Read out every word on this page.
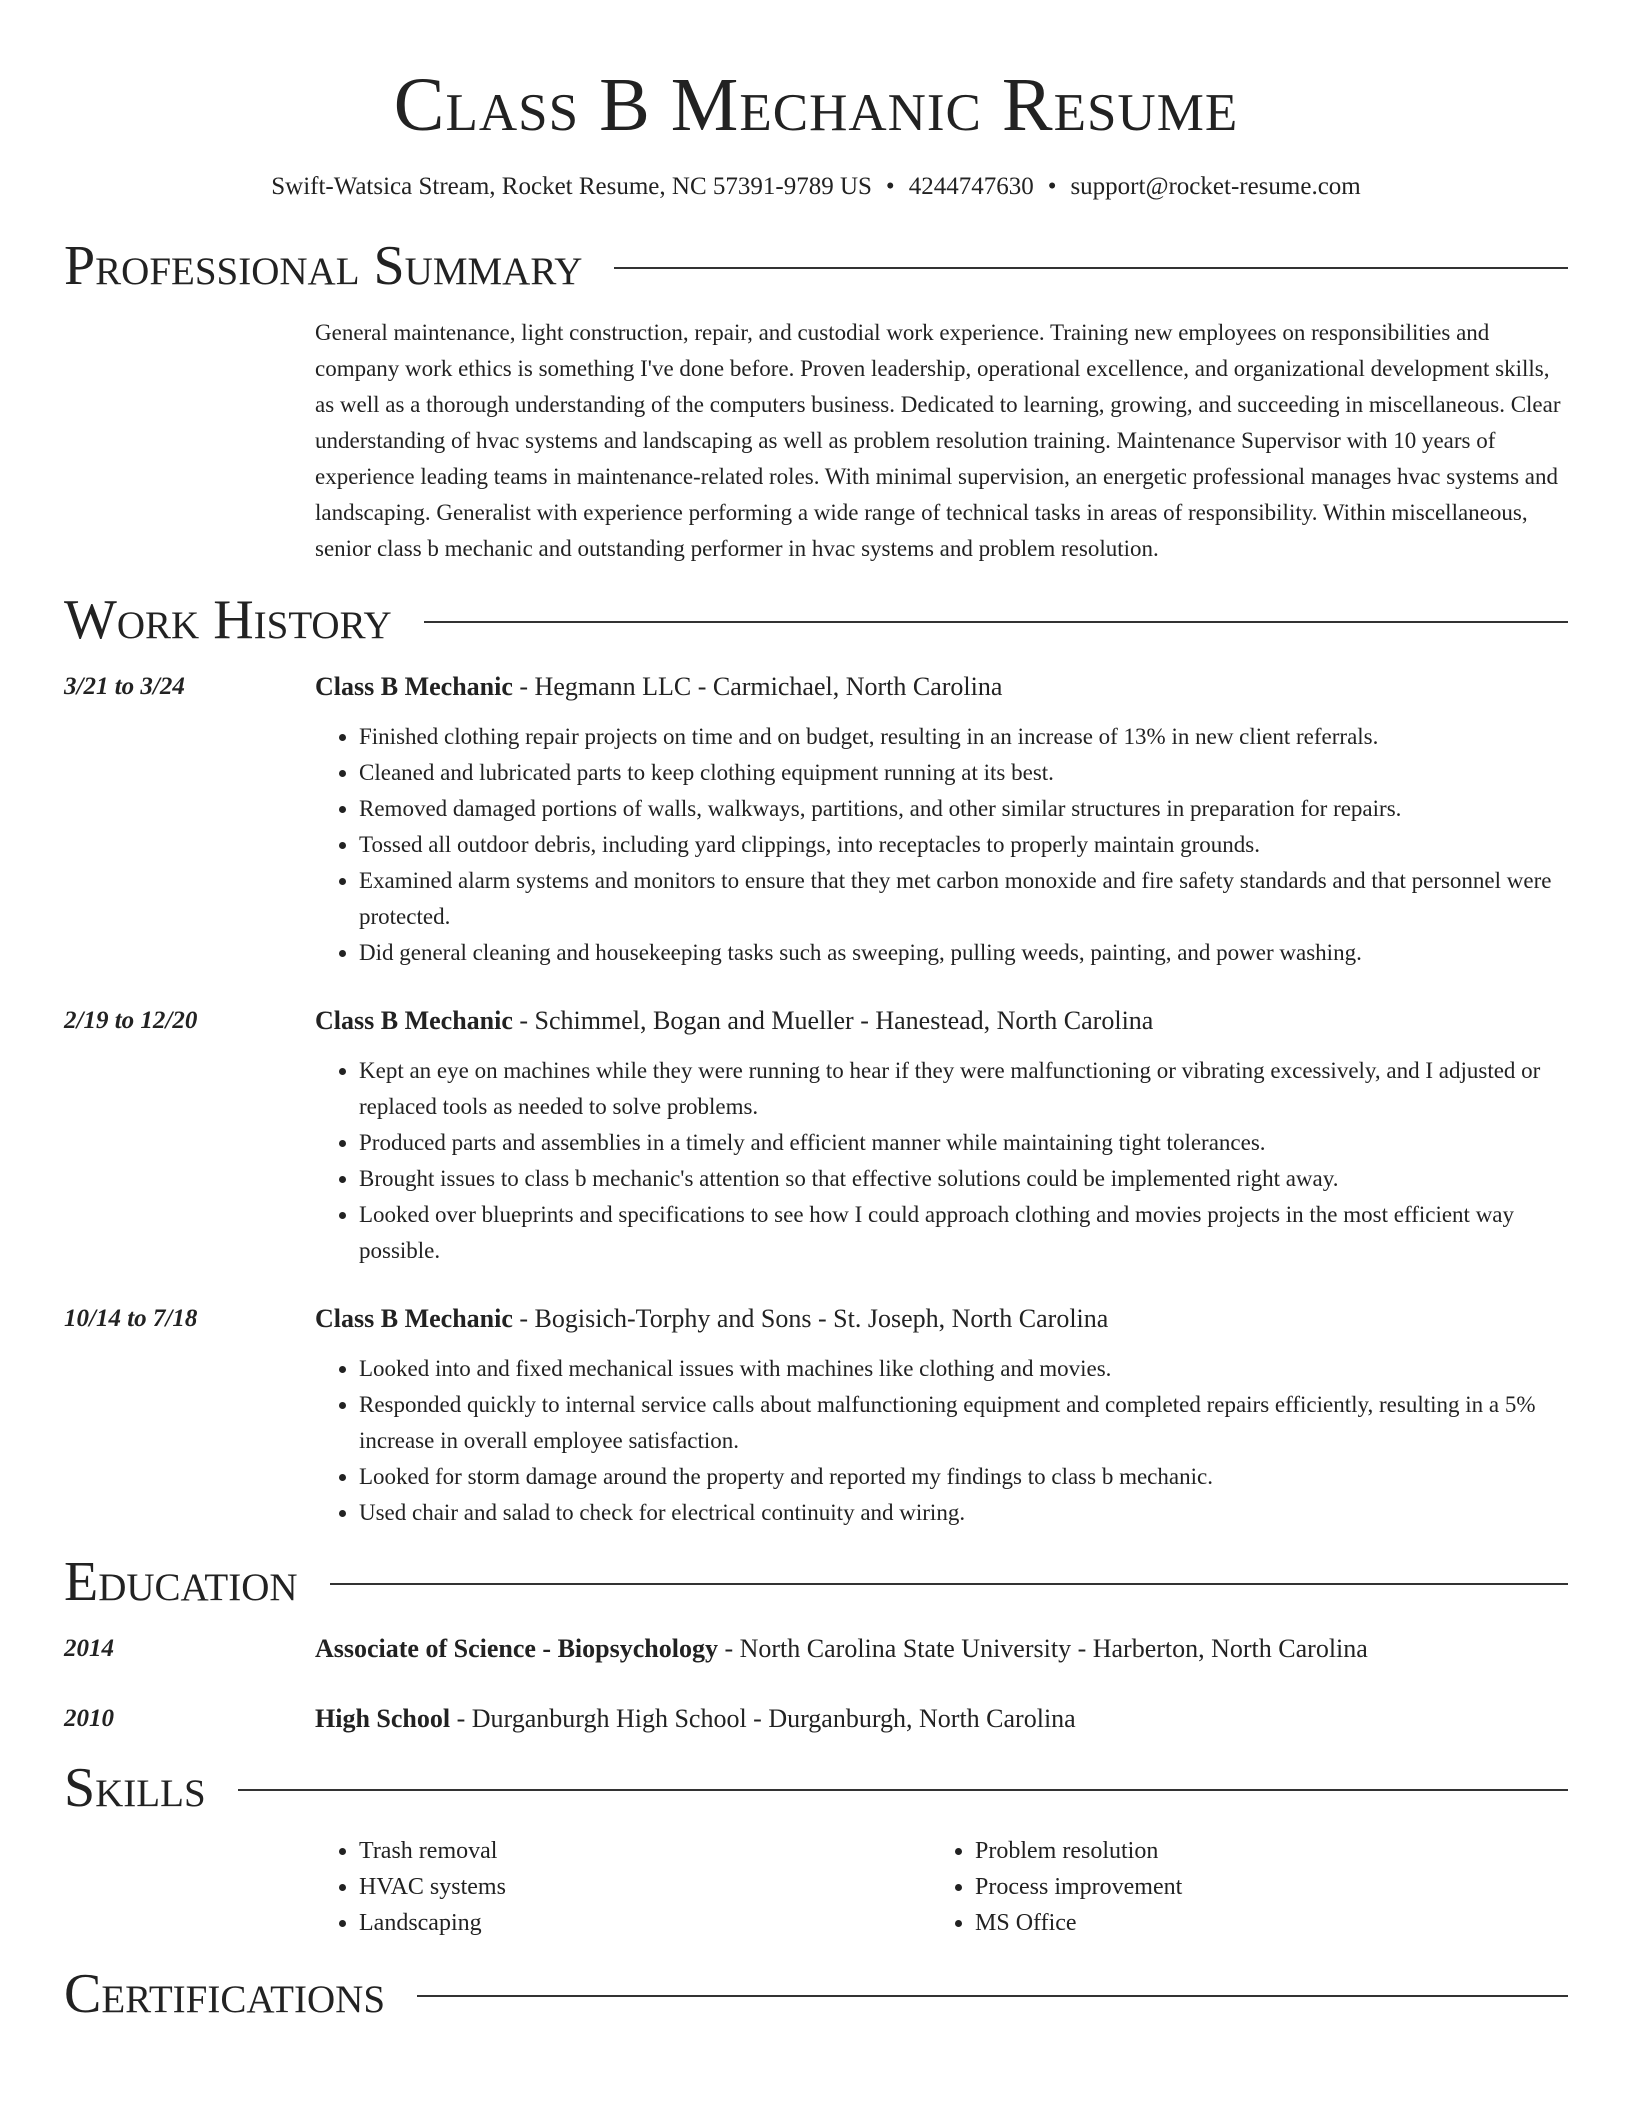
Class B Mechanic Resume
Swift-Watsica Stream, Rocket Resume, NC 57391-9789 US • 4244747630 • support@rocket-resume.com
Professional Summary
General maintenance, light construction, repair, and custodial work experience. Training new employees on responsibilities and company work ethics is something I've done before. Proven leadership, operational excellence, and organizational development skills, as well as a thorough understanding of the computers business. Dedicated to learning, growing, and succeeding in miscellaneous. Clear understanding of hvac systems and landscaping as well as problem resolution training. Maintenance Supervisor with 10 years of experience leading teams in maintenance-related roles. With minimal supervision, an energetic professional manages hvac systems and landscaping. Generalist with experience performing a wide range of technical tasks in areas of responsibility. Within miscellaneous, senior class b mechanic and outstanding performer in hvac systems and problem resolution.
Work History
3/21 to 3/24	Class B Mechanic - Hegmann LLC - Carmichael, North Carolina
• Finished clothing repair projects on time and on budget, resulting in an increase of 13% in new client referrals.
• Cleaned and lubricated parts to keep clothing equipment running at its best.
• Removed damaged portions of walls, walkways, partitions, and other similar structures in preparation for repairs.
• Tossed all outdoor debris, including yard clippings, into receptacles to properly maintain grounds.
• Examined alarm systems and monitors to ensure that they met carbon monoxide and fire safety standards and that personnel were protected.
• Did general cleaning and housekeeping tasks such as sweeping, pulling weeds, painting, and power washing.
2/19 to 12/20	Class B Mechanic - Schimmel, Bogan and Mueller - Hanestead, North Carolina
• Kept an eye on machines while they were running to hear if they were malfunctioning or vibrating excessively, and I adjusted or replaced tools as needed to solve problems.
• Produced parts and assemblies in a timely and efficient manner while maintaining tight tolerances.
• Brought issues to class b mechanic's attention so that effective solutions could be implemented right away.
• Looked over blueprints and specifications to see how I could approach clothing and movies projects in the most efficient way possible.
10/14 to 7/18	Class B Mechanic - Bogisich-Torphy and Sons - St. Joseph, North Carolina
• Looked into and fixed mechanical issues with machines like clothing and movies.
• Responded quickly to internal service calls about malfunctioning equipment and completed repairs efficiently, resulting in a 5% increase in overall employee satisfaction.
• Looked for storm damage around the property and reported my findings to class b mechanic.
• Used chair and salad to check for electrical continuity and wiring.
Education
2014	Associate of Science - Biopsychology - North Carolina State University - Harberton, North Carolina
2010	High School - Durganburgh High School - Durganburgh, North Carolina
Skills
• Trash removal
• HVAC systems
• Landscaping
• Problem resolution
• Process improvement
• MS Office
Certifications
